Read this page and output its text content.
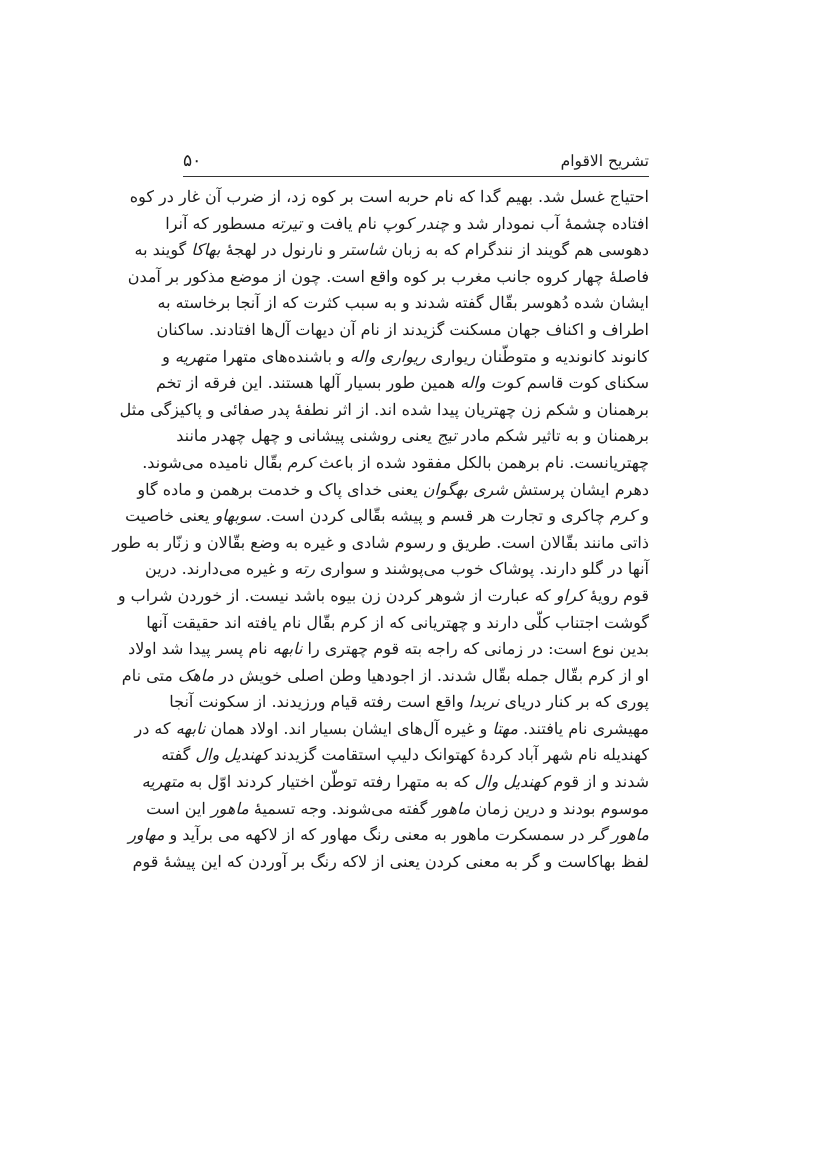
۵۰	تشریح الاقوام
احتیاج غسل شد. بهیم گدا که نام حربه است بر کوه زد، از ضرب آن غار در کوه
افتاده چشمهٔ آب نمودار شد و چندر کوپ نام یافت و تیرته مسطور که آنرا
دهوسی هم گویند از نندگرام که به زبان شاستر و نارنول در لهجهٔ بهاکا گویند به
فاصلهٔ چهار کروه جانب مغرب بر کوه واقع است. چون از موضع مذکور بر آمدن
ایشان شده دُهوسر بقّال گفته شدند و به سبب کثرت که از آنجا برخاسته به
اطراف و اکناف جهان مسکنت گزیدند از نام آن دیهات آل‌ها افتادند. ساکنان
کانوند کانوندیه و متوطّنان ریواری ریواری واله و باشنده‌های متهرا متهریه و
سکنای کوت قاسم کوت واله همین طور بسیار آلها هستند. این فرقه از تخم
برهمنان و شکم زن چهتریان پیدا شده اند. از اثر نطفهٔ پدر صفائی و پاکیزگی مثل
برهمنان و به تاثیر شکم مادر تیج یعنی روشنی پیشانی و چهل چهدر مانند
چهتریانست. نام برهمن بالکل مفقود شده از باعث کرم بقّال نامیده می‌شوند.
دهرم ایشان پرستش شری بهگوان یعنی خدای پاک و خدمت برهمن و ماده گاو
و کرم چاکری و تجارت هر قسم و پیشه بقّالی کردن است. سوبهاو یعنی خاصیت
ذاتی مانند بقّالان است. طریق و رسوم شادی و غیره به وضع بقّالان و زنّار به طور
آنها در گلو دارند. پوشاک خوب می‌پوشند و سواری رته و غیره می‌دارند. درین
قوم رویهٔ کراو که عبارت از شوهر کردن زن بیوه باشد نیست. از خوردن شراب و
گوشت اجتناب کلّی دارند و چهتریانی که از کرم بقّال نام یافته اند حقیقت آنها
بدین نوع است: در زمانی که راجه بته قوم چهتری را نابهه نام پسر پیدا شد اولاد
او از کرم بقّال جمله بقّال شدند. از اجودهیا وطن اصلی خویش در ماهک متی نام
پوری که بر کنار دریای نربدا واقع است رفته قیام ورزیدند. از سکونت آنجا
مهیشری نام یافتند. مهتا و غیره آل‌های ایشان بسیار اند. اولاد همان نابهه که در
کهندیله نام شهر آباد کردهٔ کهتوانک دلیپ استقامت گزیدند کهندیل وال گفته
شدند و از قوم کهندیل وال که به متهرا رفته توطّن اختیار کردند اوّل به متهریه
موسوم بودند و درین زمان ماهور گفته می‌شوند. وجه تسمیهٔ ماهور این است
ماهور گر در سمسکرت ماهور به معنی رنگ مهاور که از لاکهه می برآید و مهاور
لفظ بهاکاست و گر به معنی کردن یعنی از لاکه رنگ بر آوردن که این پیشهٔ قوم
